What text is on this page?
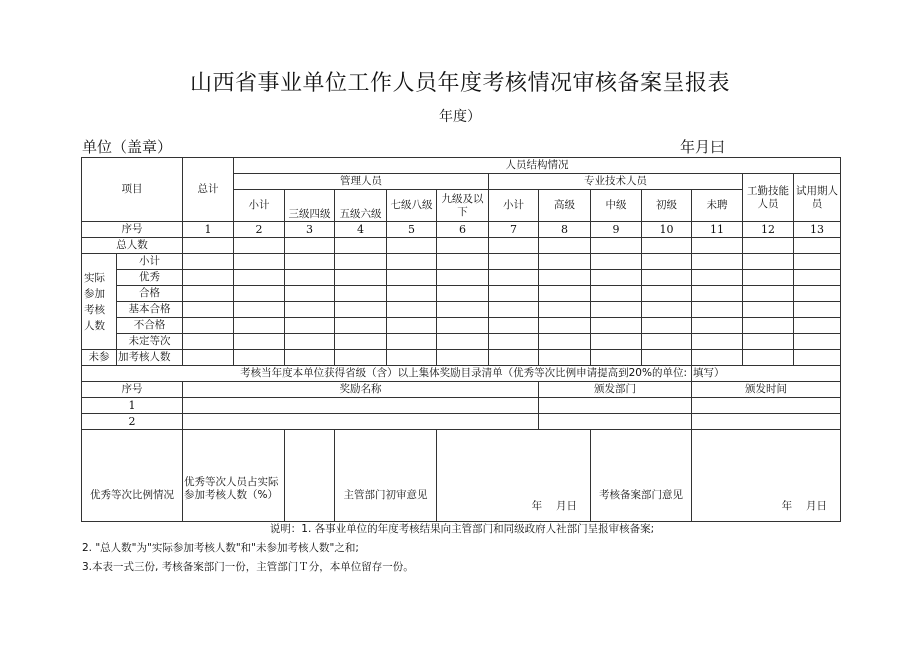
山西省事业单位工作人员年度考核情况审核备案呈报表
年度）
单位（盖章）	年月曰
项目		总计	人员结构情况											
			管理人员					专业技术人员					工勤技能人员	试用期人员
			小计	三级四级	五级六级	七级八级	九级及以下	小计	高级	中级	初级	未聘		
序号		1	2	3	4	5	6	7	8	9	10	11	12	13
总人数														
实际参加考核人数	小计													
	优秀													
	合格													
	基本合格													
	不合格													
	未定等次													
未参	加考核人数													
考核当年度本单位获得省级（含）以上集体奖励目录清单（优秀等次比例申请提高到20%的单位:												填写）		
序号		奖励名称							颁发部门			颁发时间		
1														
2														
优秀等次比例情况		优秀等次人员占实际参加考核人数（%）			主管部门初审意见		年　 月日			考核备案部门意见		年　 月日		
说明：1. 各事业单位的年度考核结果向主管部门和同级政府人社部门呈报审核备案;
2. "总人数"为"实际参加考核人数"和"未参加考核人数"之和;
3.本表一式三份, 考核备案部门一份，主管部门Ｔ分，本单位留存一份。
